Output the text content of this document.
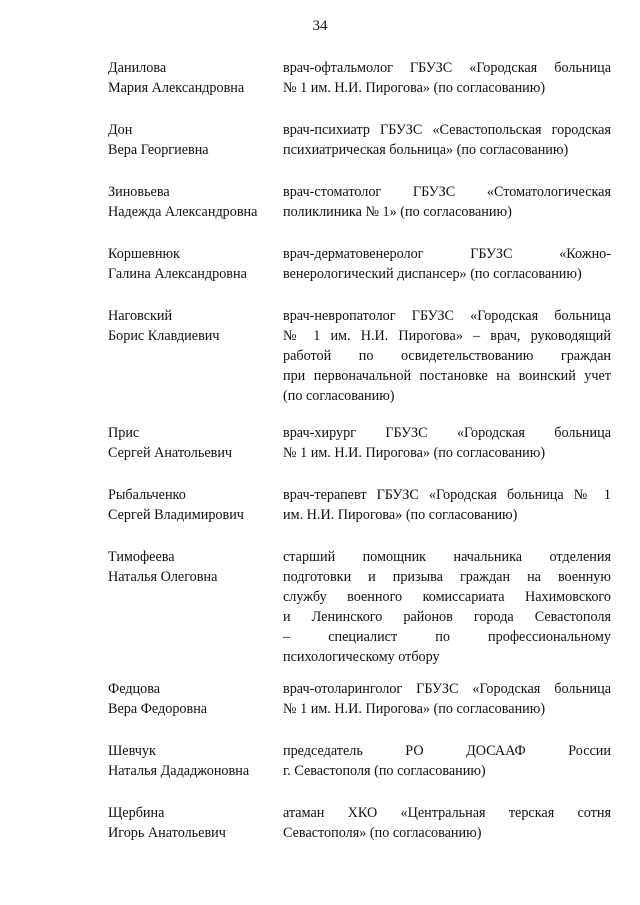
34
Данилова
Мария Александровна
врач-офтальмолог ГБУЗС «Городская больница
№ 1 им. Н.И. Пирогова» (по согласованию)
Дон
Вера Георгиевна
врач-психиатр ГБУЗС «Севастопольская городская
психиатрическая больница» (по согласованию)
Зиновьева
Надежда Александровна
врач-стоматолог ГБУЗС «Стоматологическая
поликлиника № 1» (по согласованию)
Коршевнюк
Галина Александровна
врач-дерматовенеролог ГБУЗС «Кожно-
венерологический диспансер» (по согласованию)
Наговский
Борис Клавдиевич
врач-невропатолог ГБУЗС «Городская больница
№ 1 им. Н.И. Пирогова» – врач, руководящий
работой по освидетельствованию граждан
при первоначальной постановке на воинский учет
(по согласованию)
Прис
Сергей Анатольевич
врач-хирург ГБУЗС «Городская больница
№ 1 им. Н.И. Пирогова» (по согласованию)
Рыбальченко
Сергей Владимирович
врач-терапевт ГБУЗС «Городская больница № 1
им. Н.И. Пирогова» (по согласованию)
Тимофеева
Наталья Олеговна
старший помощник начальника отделения
подготовки и призыва граждан на военную
службу военного комиссариата Нахимовского
и Ленинского районов города Севастополя
– специалист по профессиональному
психологическому отбору
Федцова
Вера Федоровна
врач-отоларинголог ГБУЗС «Городская больница
№ 1 им. Н.И. Пирогова» (по согласованию)
Шевчук
Наталья Дададжоновна
председатель РО ДОСААФ России
г. Севастополя (по согласованию)
Щербина
Игорь Анатольевич
атаман ХКО «Центральная терская сотня
Севастополя» (по согласованию)
